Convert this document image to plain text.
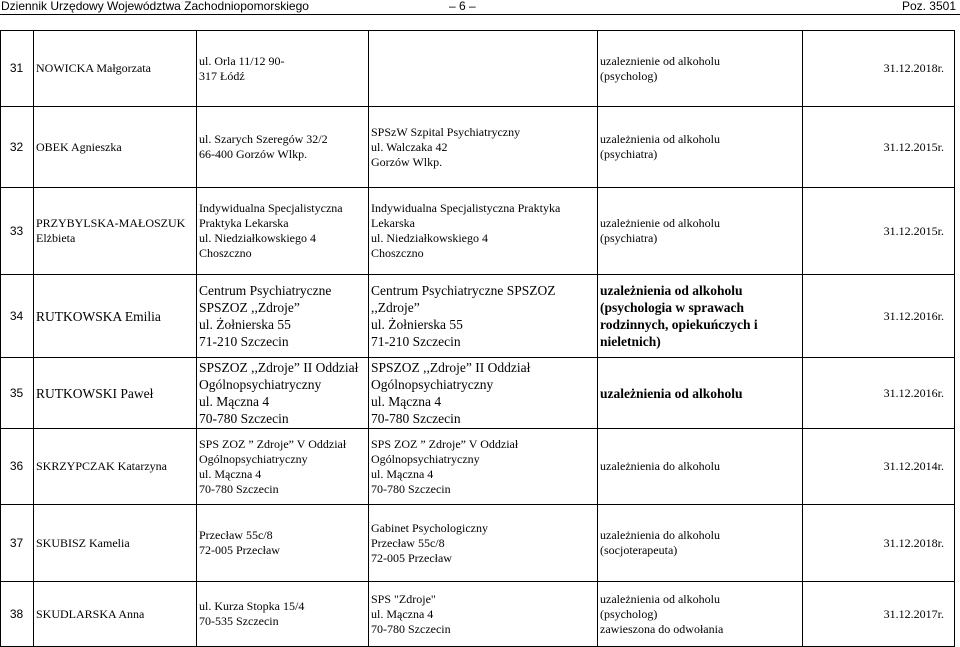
Dziennik Urzędowy Województwa Zachodniopomorskiego	– 6 –	Poz. 3501
31	NOWICKA Małgorzata	ul. Orla 11/12 90-
317 Łódź		uzaleznienie od alkoholu
(psycholog)	31.12.2018r.
32	OBEK Agnieszka	ul. Szarych Szeregów 32/2
66-400 Gorzów Wlkp.	SPSzW Szpital Psychiatryczny
ul. Walczaka 42
Gorzów Wlkp.	uzależnienia od alkoholu
(psychiatra)	31.12.2015r.
33	PRZYBYLSKA-MAŁOSZUK
Elżbieta	Indywidualna Specjalistyczna
Praktyka Lekarska
ul. Niedziałkowskiego 4
Choszczno	Indywidualna Specjalistyczna Praktyka
Lekarska
ul. Niedziałkowskiego 4
Choszczno	uzależnienie od alkoholu
(psychiatra)	31.12.2015r.
34	RUTKOWSKA Emilia	Centrum Psychiatryczne
SPSZOZ ,,Zdroje”
ul. Żołnierska 55
71-210 Szczecin	Centrum Psychiatryczne SPSZOZ
,,Zdroje”
ul. Żołnierska 55
71-210 Szczecin	uzależnienia od alkoholu
(psychologia w sprawach
rodzinnych, opiekuńczych i
nieletnich)	31.12.2016r.
35	RUTKOWSKI Paweł	SPSZOZ ,,Zdroje” II Oddział
Ogólnopsychiatryczny
ul. Mączna 4
70-780 Szczecin	SPSZOZ ,,Zdroje” II Oddział
Ogólnopsychiatryczny
ul. Mączna 4
70-780 Szczecin	uzależnienia od alkoholu	31.12.2016r.
36	SKRZYPCZAK Katarzyna	SPS ZOZ ” Zdroje” V Oddział
Ogólnopsychiatryczny
ul. Mączna 4
70-780 Szczecin	SPS ZOZ ” Zdroje” V Oddział
Ogólnopsychiatryczny
ul. Mączna 4
70-780 Szczecin	uzależnienia do alkoholu	31.12.2014r.
37	SKUBISZ Kamelia	Przecław 55c/8
72-005 Przecław	Gabinet Psychologiczny
Przecław 55c/8
72-005 Przecław	uzależnienia do alkoholu
(socjoterapeuta)	31.12.2018r.
38	SKUDLARSKA Anna	ul. Kurza Stopka 15/4
70-535 Szczecin	SPS "Zdroje"
ul. Mączna 4
70-780 Szczecin	uzależnienia od alkoholu
(psycholog)
zawieszona do odwołania	31.12.2017r.
